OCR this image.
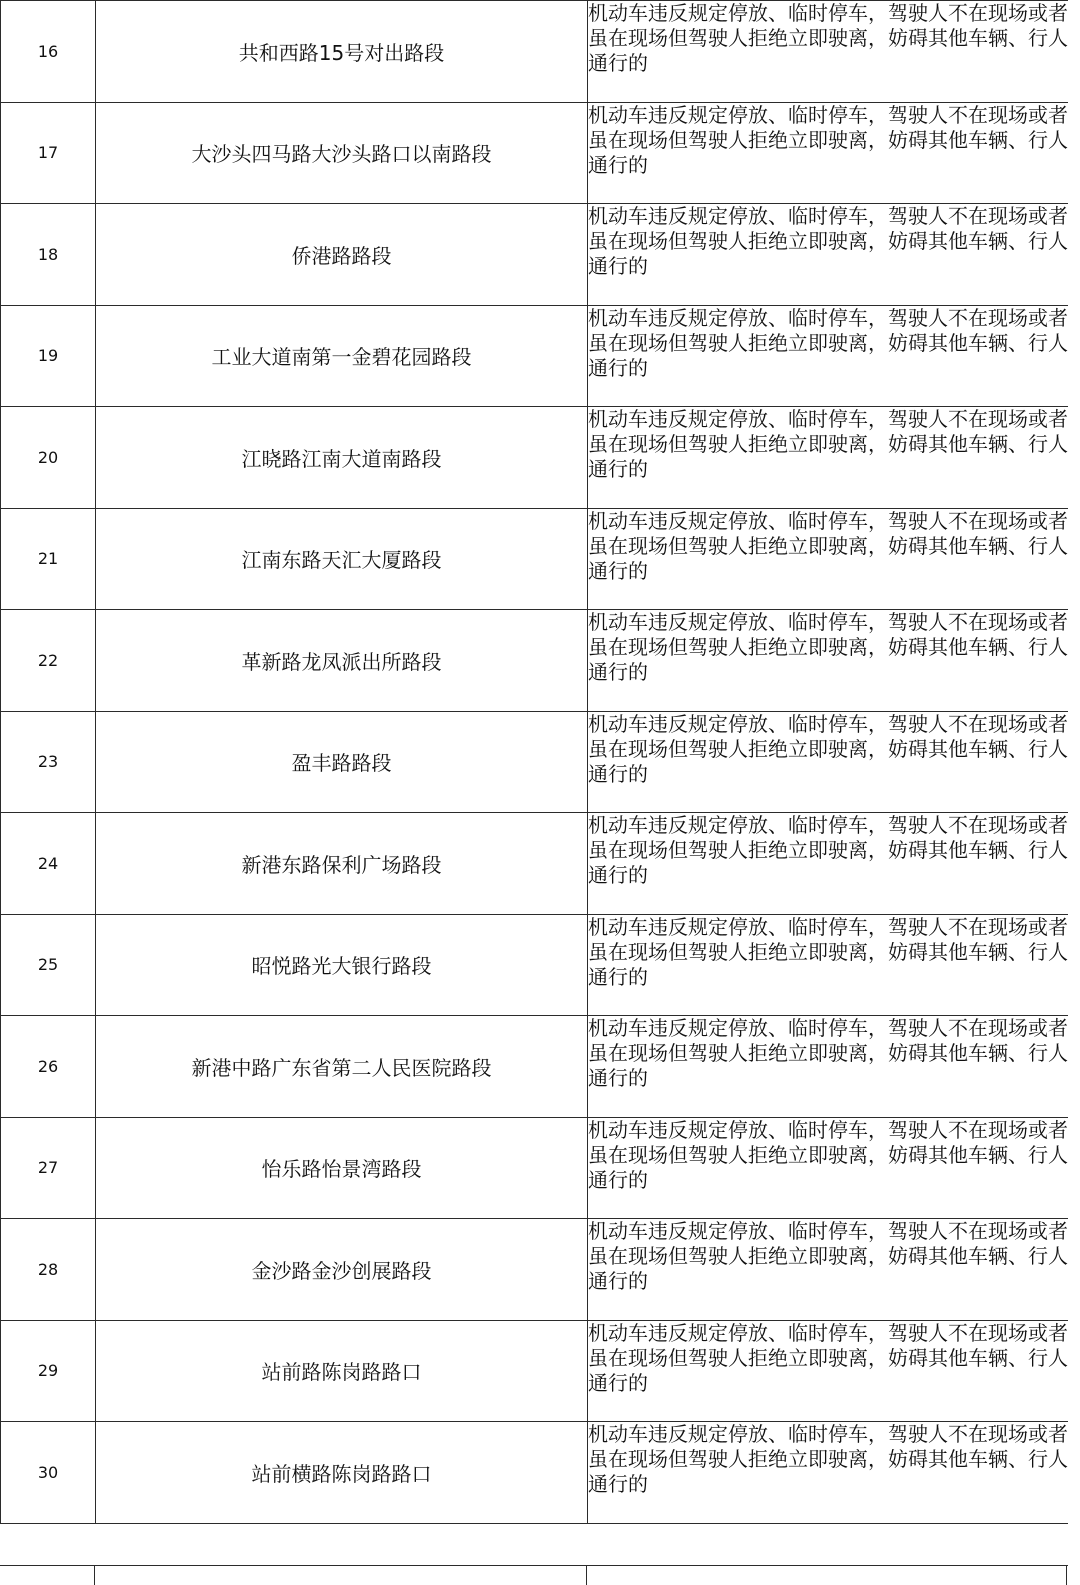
16	共和西路15号对出路段	机动车违反规定停放、临时停车，驾驶人不在现场或者虽在现场但驾驶人拒绝立即驶离，妨碍其他车辆、行人通行的
17	大沙头四马路大沙头路口以南路段	机动车违反规定停放、临时停车，驾驶人不在现场或者虽在现场但驾驶人拒绝立即驶离，妨碍其他车辆、行人通行的
18	侨港路路段	机动车违反规定停放、临时停车，驾驶人不在现场或者虽在现场但驾驶人拒绝立即驶离，妨碍其他车辆、行人通行的
19	工业大道南第一金碧花园路段	机动车违反规定停放、临时停车，驾驶人不在现场或者虽在现场但驾驶人拒绝立即驶离，妨碍其他车辆、行人通行的
20	江晓路江南大道南路段	机动车违反规定停放、临时停车，驾驶人不在现场或者虽在现场但驾驶人拒绝立即驶离，妨碍其他车辆、行人通行的
21	江南东路天汇大厦路段	机动车违反规定停放、临时停车，驾驶人不在现场或者虽在现场但驾驶人拒绝立即驶离，妨碍其他车辆、行人通行的
22	革新路龙凤派出所路段	机动车违反规定停放、临时停车，驾驶人不在现场或者虽在现场但驾驶人拒绝立即驶离，妨碍其他车辆、行人通行的
23	盈丰路路段	机动车违反规定停放、临时停车，驾驶人不在现场或者虽在现场但驾驶人拒绝立即驶离，妨碍其他车辆、行人通行的
24	新港东路保利广场路段	机动车违反规定停放、临时停车，驾驶人不在现场或者虽在现场但驾驶人拒绝立即驶离，妨碍其他车辆、行人通行的
25	昭悦路光大银行路段	机动车违反规定停放、临时停车，驾驶人不在现场或者虽在现场但驾驶人拒绝立即驶离，妨碍其他车辆、行人通行的
26	新港中路广东省第二人民医院路段	机动车违反规定停放、临时停车，驾驶人不在现场或者虽在现场但驾驶人拒绝立即驶离，妨碍其他车辆、行人通行的
27	怡乐路怡景湾路段	机动车违反规定停放、临时停车，驾驶人不在现场或者虽在现场但驾驶人拒绝立即驶离，妨碍其他车辆、行人通行的
28	金沙路金沙创展路段	机动车违反规定停放、临时停车，驾驶人不在现场或者虽在现场但驾驶人拒绝立即驶离，妨碍其他车辆、行人通行的
29	站前路陈岗路路口	机动车违反规定停放、临时停车，驾驶人不在现场或者虽在现场但驾驶人拒绝立即驶离，妨碍其他车辆、行人通行的
30	站前横路陈岗路路口	机动车违反规定停放、临时停车，驾驶人不在现场或者虽在现场但驾驶人拒绝立即驶离，妨碍其他车辆、行人通行的
